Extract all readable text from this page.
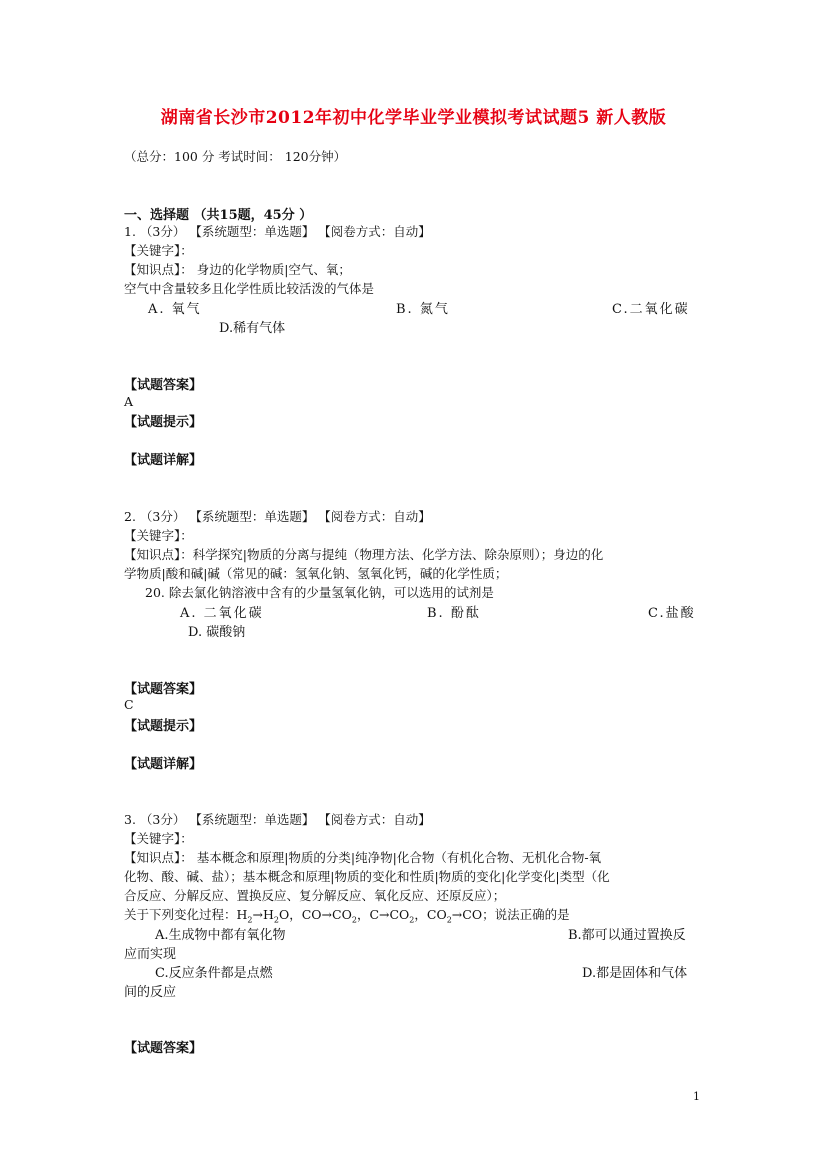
湖南省长沙市2012年初中化学毕业学业模拟考试试题5 新人教版
（总分：100 分 考试时间： 120分钟）
一、选择题 （共15题，45分 ）
1. （3分） 【系统题型：单选题】 【阅卷方式：自动】
【关键字】：
【知识点】： 身边的化学物质|空气、氧；
空气中含量较多且化学性质比较活泼的气体是
A. 氧气	B. 氮气	C.二氧化碳
D.稀有气体
【试题答案】
A
【试题提示】
【试题详解】
2. （3分） 【系统题型：单选题】 【阅卷方式：自动】
【关键字】：
【知识点】：科学探究|物质的分离与提纯（物理方法、化学方法、除杂原则）；身边的化
学物质|酸和碱|碱（常见的碱：氢氧化钠、氢氧化钙，碱的化学性质；
20. 除去氯化钠溶液中含有的少量氢氧化钠，可以选用的试剂是
A. 二氧化碳	B. 酚酞	C.盐酸
D. 碳酸钠
【试题答案】
C
【试题提示】
【试题详解】
3. （3分） 【系统题型：单选题】 【阅卷方式：自动】
【关键字】：
【知识点】： 基本概念和原理|物质的分类|纯净物|化合物（有机化合物、无机化合物-氧
化物、酸、碱、盐）；基本概念和原理|物质的变化和性质|物质的变化|化学变化|类型（化
合反应、分解反应、置换反应、复分解反应、氧化反应、还原反应）；
关于下列变化过程：$H_2\to H_2O$，$CO\to CO_2$，$C\to CO_2$，$CO_2\to CO$；说法正确的是
A.生成物中都有氧化物	B.都可以通过置换反
应而实现
C.反应条件都是点燃	D.都是固体和气体
间的反应
【试题答案】
1
